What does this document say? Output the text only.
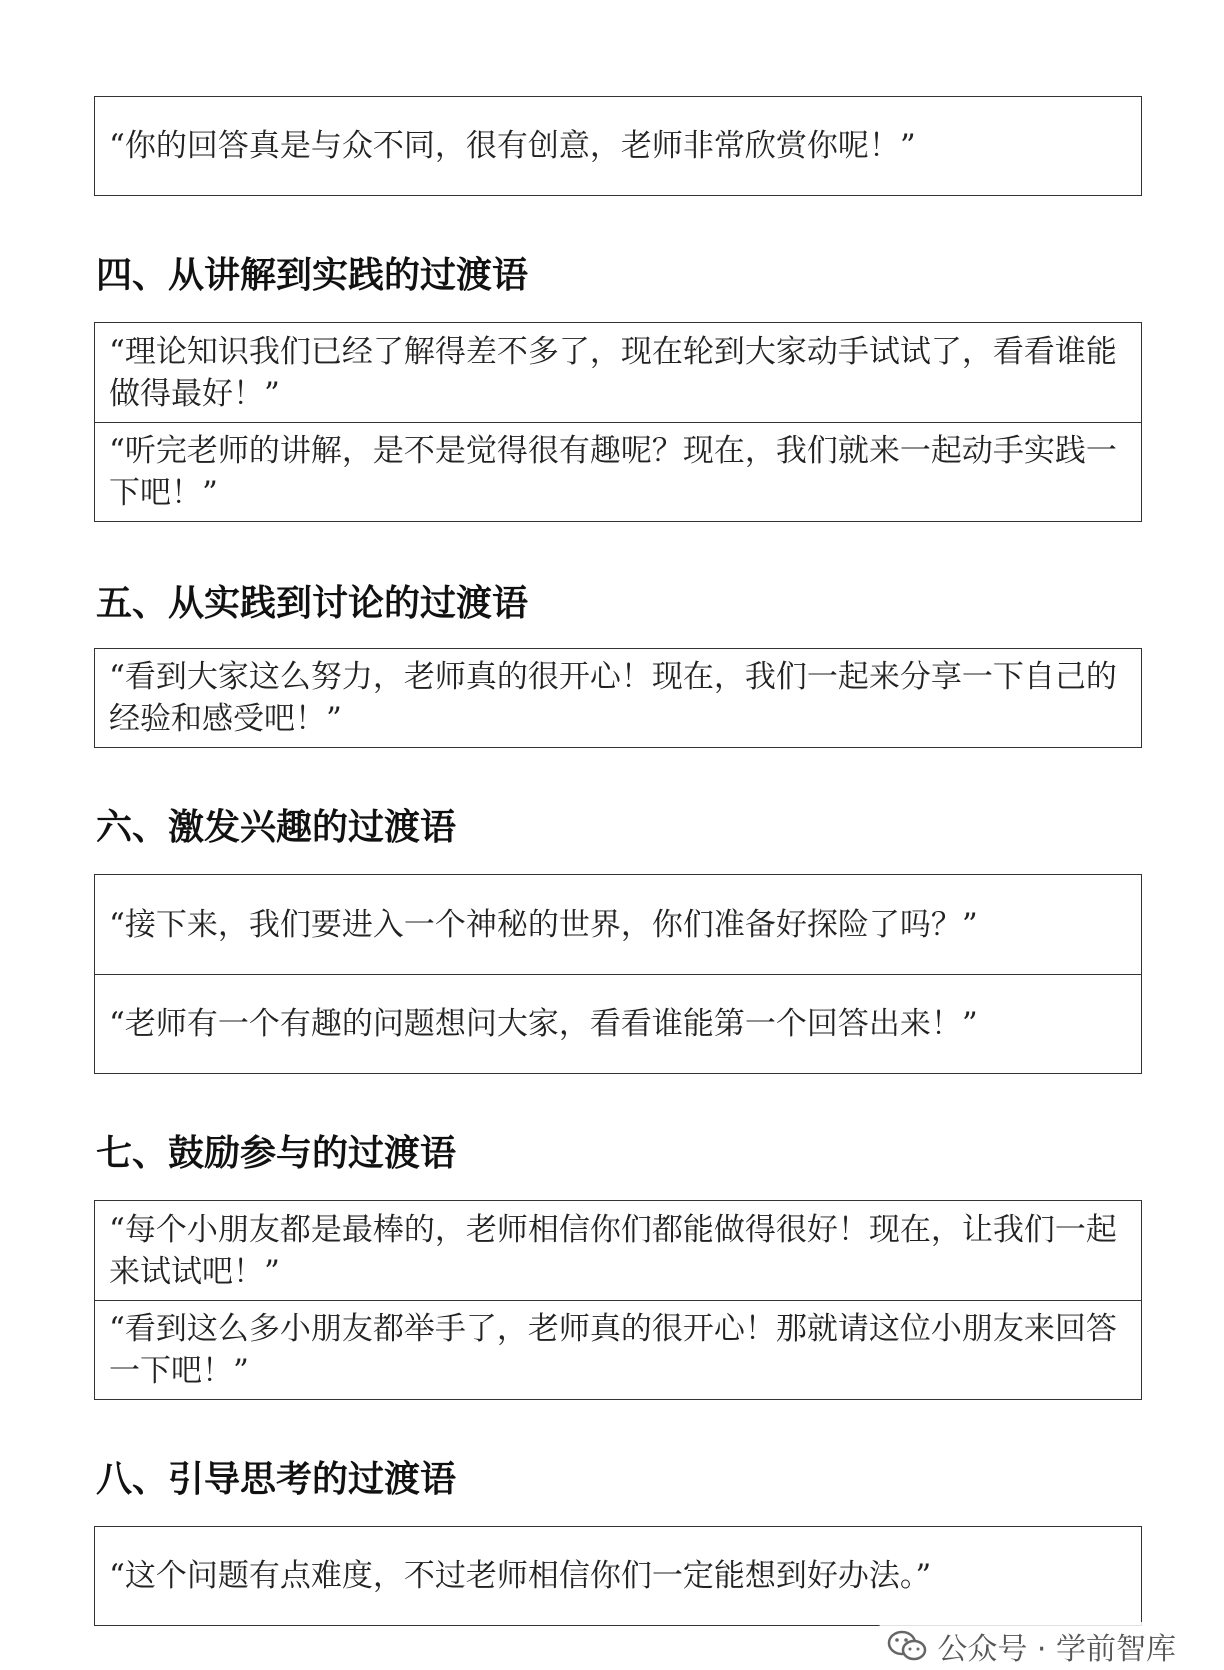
“你的回答真是与众不同，很有创意，老师非常欣赏你呢！”
四、从讲解到实践的过渡语
“理论知识我们已经了解得差不多了，现在轮到大家动手试试了，看看谁能做得最好！”
“听完老师的讲解，是不是觉得很有趣呢？现在，我们就来一起动手实践一下吧！”
五、从实践到讨论的过渡语
“看到大家这么努力，老师真的很开心！现在，我们一起来分享一下自己的经验和感受吧！”
六、激发兴趣的过渡语
“接下来，我们要进入一个神秘的世界，你们准备好探险了吗？”
“老师有一个有趣的问题想问大家，看看谁能第一个回答出来！”
七、鼓励参与的过渡语
“每个小朋友都是最棒的，老师相信你们都能做得很好！现在，让我们一起来试试吧！”
“看到这么多小朋友都举手了，老师真的很开心！那就请这位小朋友来回答一下吧！”
八、引导思考的过渡语
“这个问题有点难度，不过老师相信你们一定能想到好办法。”
公众号 · 学前智库
